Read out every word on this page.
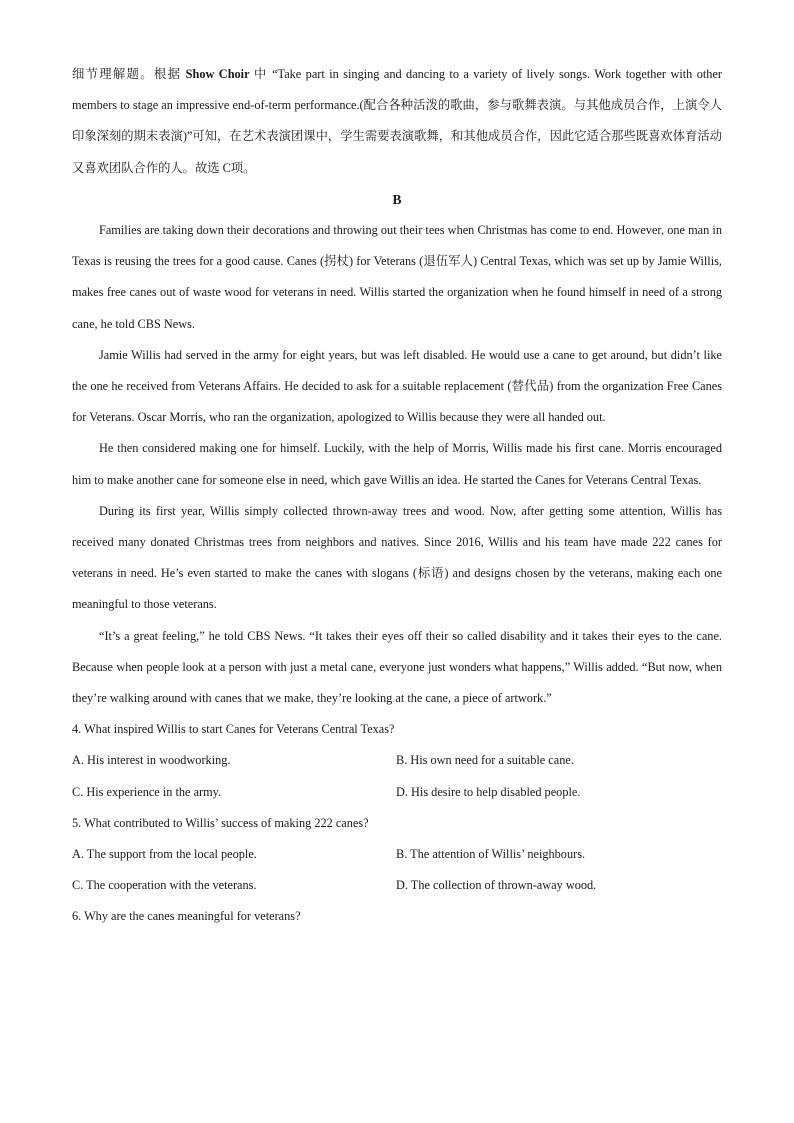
细节理解题。根据 Show Choir 中 “Take part in singing and dancing to a variety of lively songs. Work together with other members to stage an impressive end-of-term performance.(配合各种活泼的歌曲，参与歌舞表演。与其他成员合作，上演令人印象深刻的期末表演)”可知，在艺术表演团课中，学生需要表演歌舞，和其他成员合作，因此它适合那些既喜欢体育活动又喜欢团队合作的人。故选 C项。

B

Families are taking down their decorations and throwing out their tees when Christmas has come to end. However, one man in Texas is reusing the trees for a good cause. Canes (拐杖) for Veterans (退伍军人) Central Texas, which was set up by Jamie Willis, makes free canes out of waste wood for veterans in need. Willis started the organization when he found himself in need of a strong cane, he told CBS News.

Jamie Willis had served in the army for eight years, but was left disabled. He would use a cane to get around, but didn’t like the one he received from Veterans Affairs. He decided to ask for a suitable replacement (替代品) from the organization Free Canes for Veterans. Oscar Morris, who ran the organization, apologized to Willis because they were all handed out.

He then considered making one for himself. Luckily, with the help of Morris, Willis made his first cane. Morris encouraged him to make another cane for someone else in need, which gave Willis an idea. He started the Canes for Veterans Central Texas.

During its first year, Willis simply collected thrown-away trees and wood. Now, after getting some attention, Willis has received many donated Christmas trees from neighbors and natives. Since 2016, Willis and his team have made 222 canes for veterans in need. He’s even started to make the canes with slogans (标语) and designs chosen by the veterans, making each one meaningful to those veterans.

“It’s a great feeling,” he told CBS News. “It takes their eyes off their so called disability and it takes their eyes to the cane. Because when people look at a person with just a metal cane, everyone just wonders what happens,” Willis added. “But now, when they’re walking around with canes that we make, they’re looking at the cane, a piece of artwork.”

4. What inspired Willis to start Canes for Veterans Central Texas?

A. His interest in woodworking.	B. His own need for a suitable cane.

C. His experience in the army.	D. His desire to help disabled people.

5. What contributed to Willis’ success of making 222 canes?

A. The support from the local people.	B. The attention of Willis’ neighbours.

C. The cooperation with the veterans.	D. The collection of thrown-away wood.

6. Why are the canes meaningful for veterans?
